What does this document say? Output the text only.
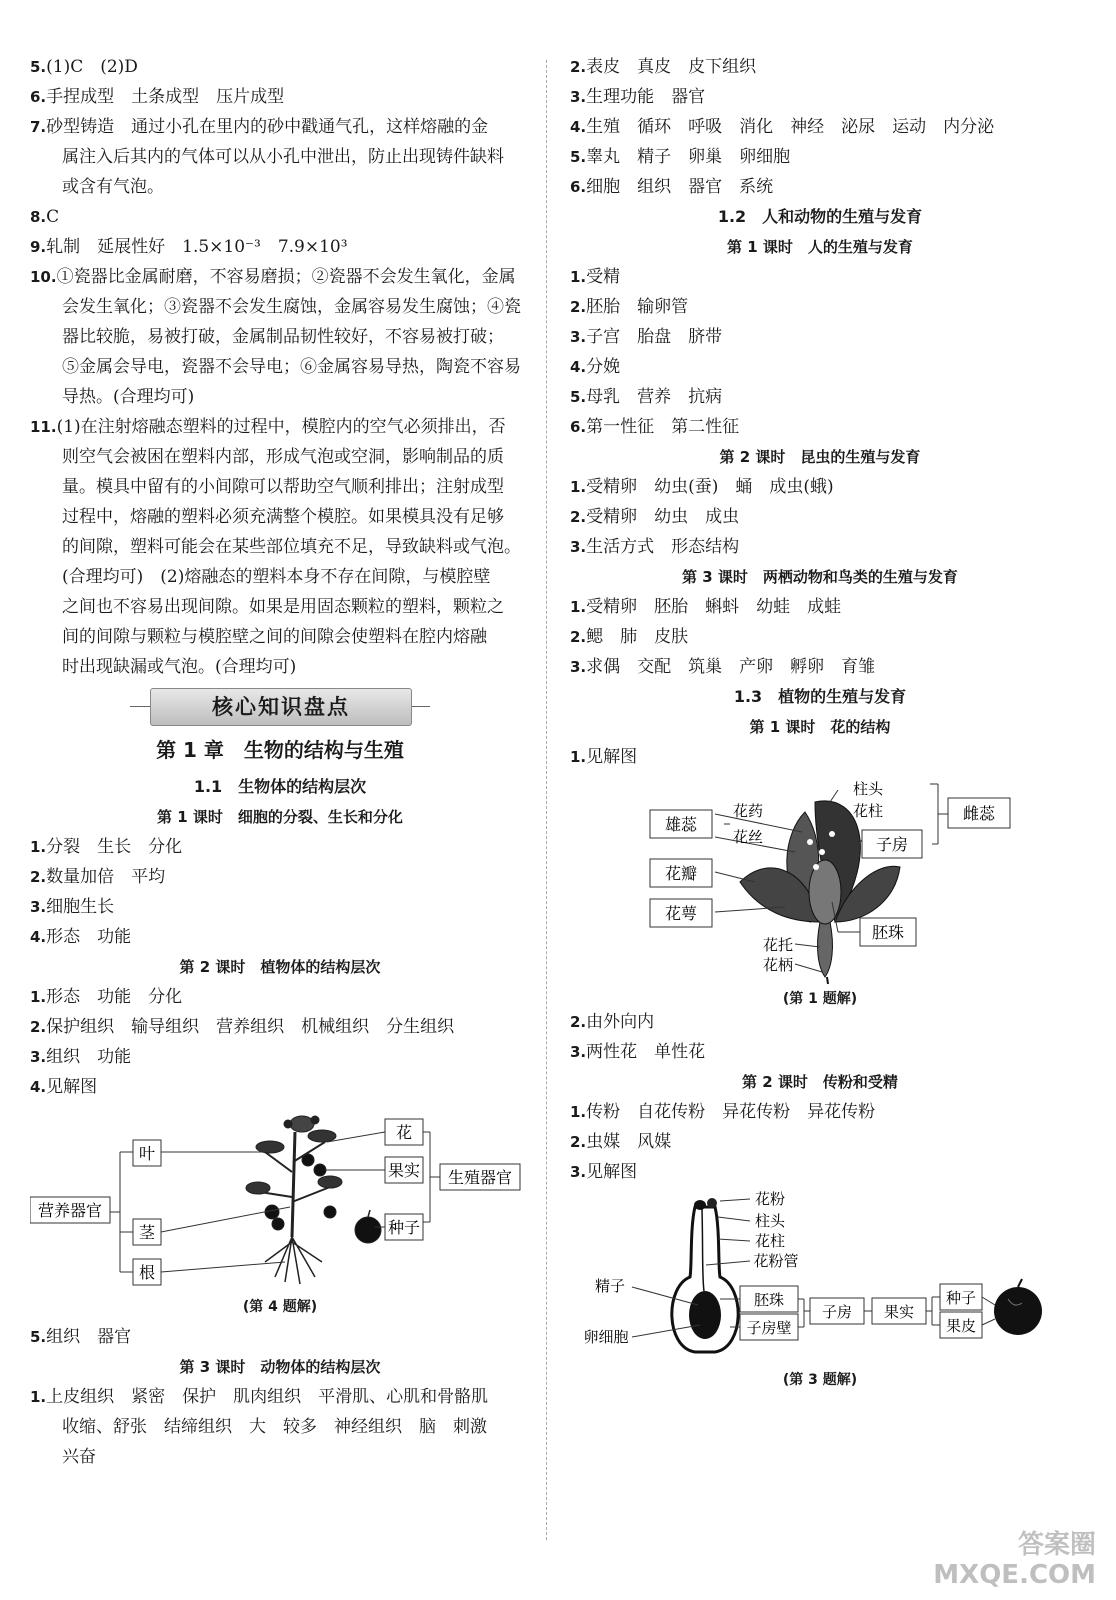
5.(1)C　(2)D
6.手捏成型　土条成型　压片成型
7.砂型铸造　通过小孔在里内的砂中戳通气孔，这样熔融的金
属注入后其内的气体可以从小孔中泄出，防止出现铸件缺料
或含有气泡。
8.C
9.轧制　延展性好　1.5×10⁻³　7.9×10³
10.①瓷器比金属耐磨，不容易磨损；②瓷器不会发生氧化，金属
会发生氧化；③瓷器不会发生腐蚀，金属容易发生腐蚀；④瓷
器比较脆，易被打破，金属制品韧性较好，不容易被打破；
⑤金属会导电，瓷器不会导电；⑥金属容易导热，陶瓷不容易
导热。(合理均可)
11.(1)在注射熔融态塑料的过程中，模腔内的空气必须排出，否
则空气会被困在塑料内部，形成气泡或空洞，影响制品的质
量。模具中留有的小间隙可以帮助空气顺利排出；注射成型
过程中，熔融的塑料必须充满整个模腔。如果模具没有足够
的间隙，塑料可能会在某些部位填充不足，导致缺料或气泡。
(合理均可)　(2)熔融态的塑料本身不存在间隙，与模腔壁
之间也不容易出现间隙。如果是用固态颗粒的塑料，颗粒之
间的间隙与颗粒与模腔壁之间的间隙会使塑料在腔内熔融
时出现缺漏或气泡。(合理均可)
核心知识盘点
第 1 章　生物的结构与生殖
1.1　生物体的结构层次
第 1 课时　细胞的分裂、生长和分化
1.分裂　生长　分化
2.数量加倍　平均
3.细胞生长
4.形态　功能
第 2 课时　植物体的结构层次
1.形态　功能　分化
2.保护组织　输导组织　营养组织　机械组织　分生组织
3.组织　功能
4.见解图
营养器官
叶
茎
根
花
果实
种子
生殖器官
(第 4 题解)
5.组织　器官
第 3 课时　动物体的结构层次
1.上皮组织　紧密　保护　肌肉组织　平滑肌、心肌和骨骼肌
收缩、舒张　结缔组织　大　较多　神经组织　脑　刺激
兴奋
2.表皮　真皮　皮下组织
3.生理功能　器官
4.生殖　循环　呼吸　消化　神经　泌尿　运动　内分泌
5.睾丸　精子　卵巢　卵细胞
6.细胞　组织　器官　系统
1.2　人和动物的生殖与发育
第 1 课时　人的生殖与发育
1.受精
2.胚胎　输卵管
3.子宫　胎盘　脐带
4.分娩
5.母乳　营养　抗病
6.第一性征　第二性征
第 2 课时　昆虫的生殖与发育
1.受精卵　幼虫(蚕)　蛹　成虫(蛾)
2.受精卵　幼虫　成虫
3.生活方式　形态结构
第 3 课时　两栖动物和鸟类的生殖与发育
1.受精卵　胚胎　蝌蚪　幼蛙　成蛙
2.鳃　肺　皮肤
3.求偶　交配　筑巢　产卵　孵卵　育雏
1.3　植物的生殖与发育
第 1 课时　花的结构
1.见解图
雄蕊
花药
花丝
花瓣
花萼
柱头
花柱
子房
雌蕊
胚珠
花托
花柄
(第 1 题解)
2.由外向内
3.两性花　单性花
第 2 课时　传粉和受精
1.传粉　自花传粉　异花传粉　异花传粉
2.虫媒　风媒
3.见解图
花粉
柱头
花柱
花粉管
精子
卵细胞
胚珠
子房壁
子房 果实
种子
果皮
(第 3 题解)
答案圈
MXQE.COM
